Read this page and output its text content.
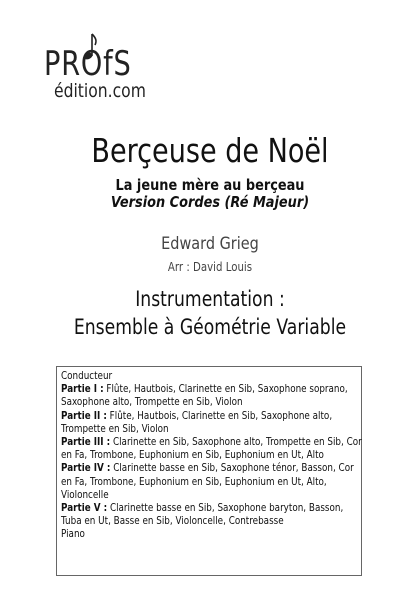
PROfS
édition.com
Berçeuse de Noël
La jeune mère au berçeau
Version Cordes (Ré Majeur)
Edward Grieg
Arr : David Louis
Instrumentation :
Ensemble à Géométrie Variable
Conducteur
Partie I : Flûte, Hautbois, Clarinette en Sib, Saxophone soprano,
Saxophone alto, Trompette en Sib, Violon
Partie II : Flûte, Hautbois, Clarinette en Sib, Saxophone alto,
Trompette en Sib, Violon
Partie III : Clarinette en Sib, Saxophone alto, Trompette en Sib, Cor
en Fa, Trombone, Euphonium en Sib, Euphonium en Ut, Alto
Partie IV : Clarinette basse en Sib, Saxophone ténor, Basson, Cor
en Fa, Trombone, Euphonium en Sib, Euphonium en Ut, Alto,
Violoncelle
Partie V : Clarinette basse en Sib, Saxophone baryton, Basson,
Tuba en Ut, Basse en Sib, Violoncelle, Contrebasse
Piano
